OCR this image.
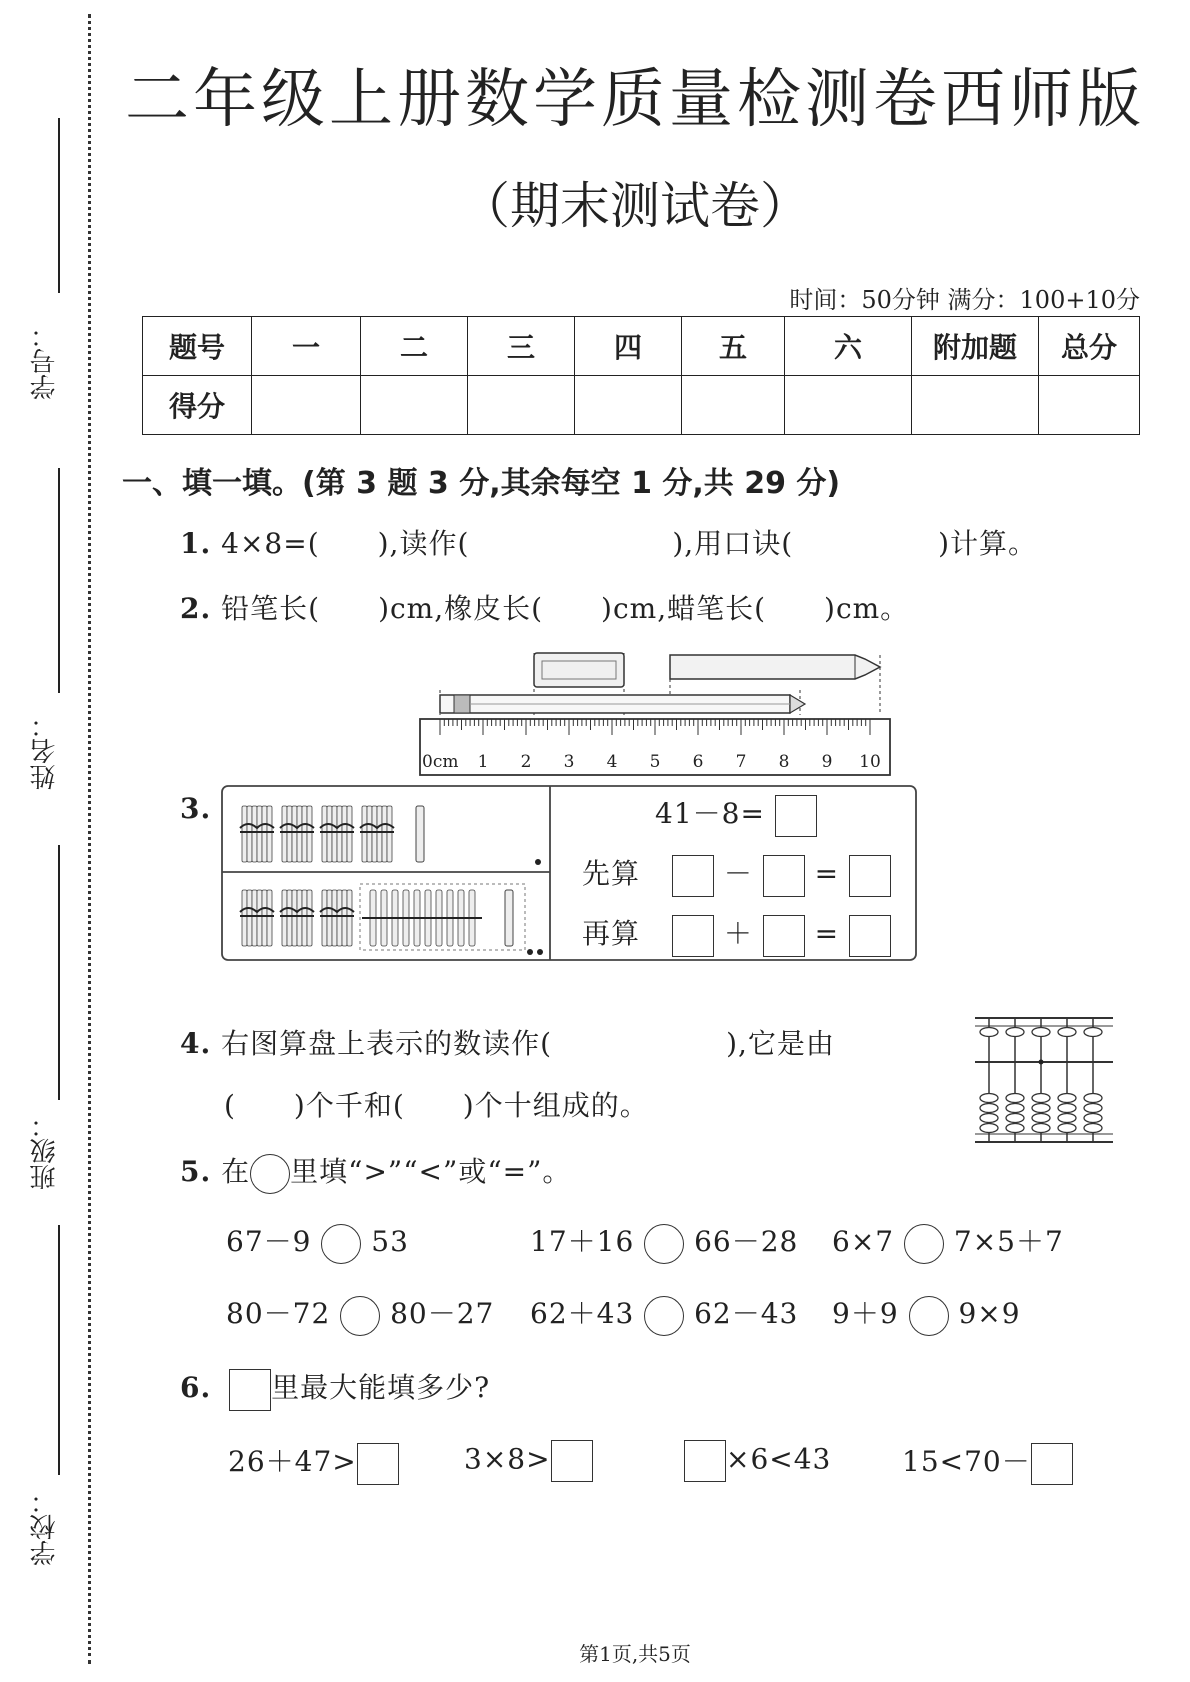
学号：
姓名：
班级：
学校：
二年级上册数学质量检测卷西师版
（期末测试卷）
时间：50分钟 满分：100+10分
题号	一	二	三	四	五	六	附加题	总分
得分								
一、填一填。(第 3 题 3 分,其余每空 1 分,共 29 分)
1. 4×8=(　　),读作(　　　　　　　),用口诀(　　　　　)计算。
2. 铅笔长(　　)cm,橡皮长(　　)cm,蜡笔长(　　)cm。
0cm 1 2 3 4 5 6 7 8 9 10
3.	41－8=
先算	－ =
再算	＋ =
4. 右图算盘上表示的数读作(　　　　　　),它是由
(　　)个千和(　　)个十组成的。
5. 在 里填“>”“<”或“=”。
67－9 53	17＋16 66－28 6×7 7×5＋7
80－72 80－27 62＋43 62－43 9＋9 9×9
6. 里最大能填多少?
26＋47>	3×8>	×6<43	15<70－
第1页,共5页
